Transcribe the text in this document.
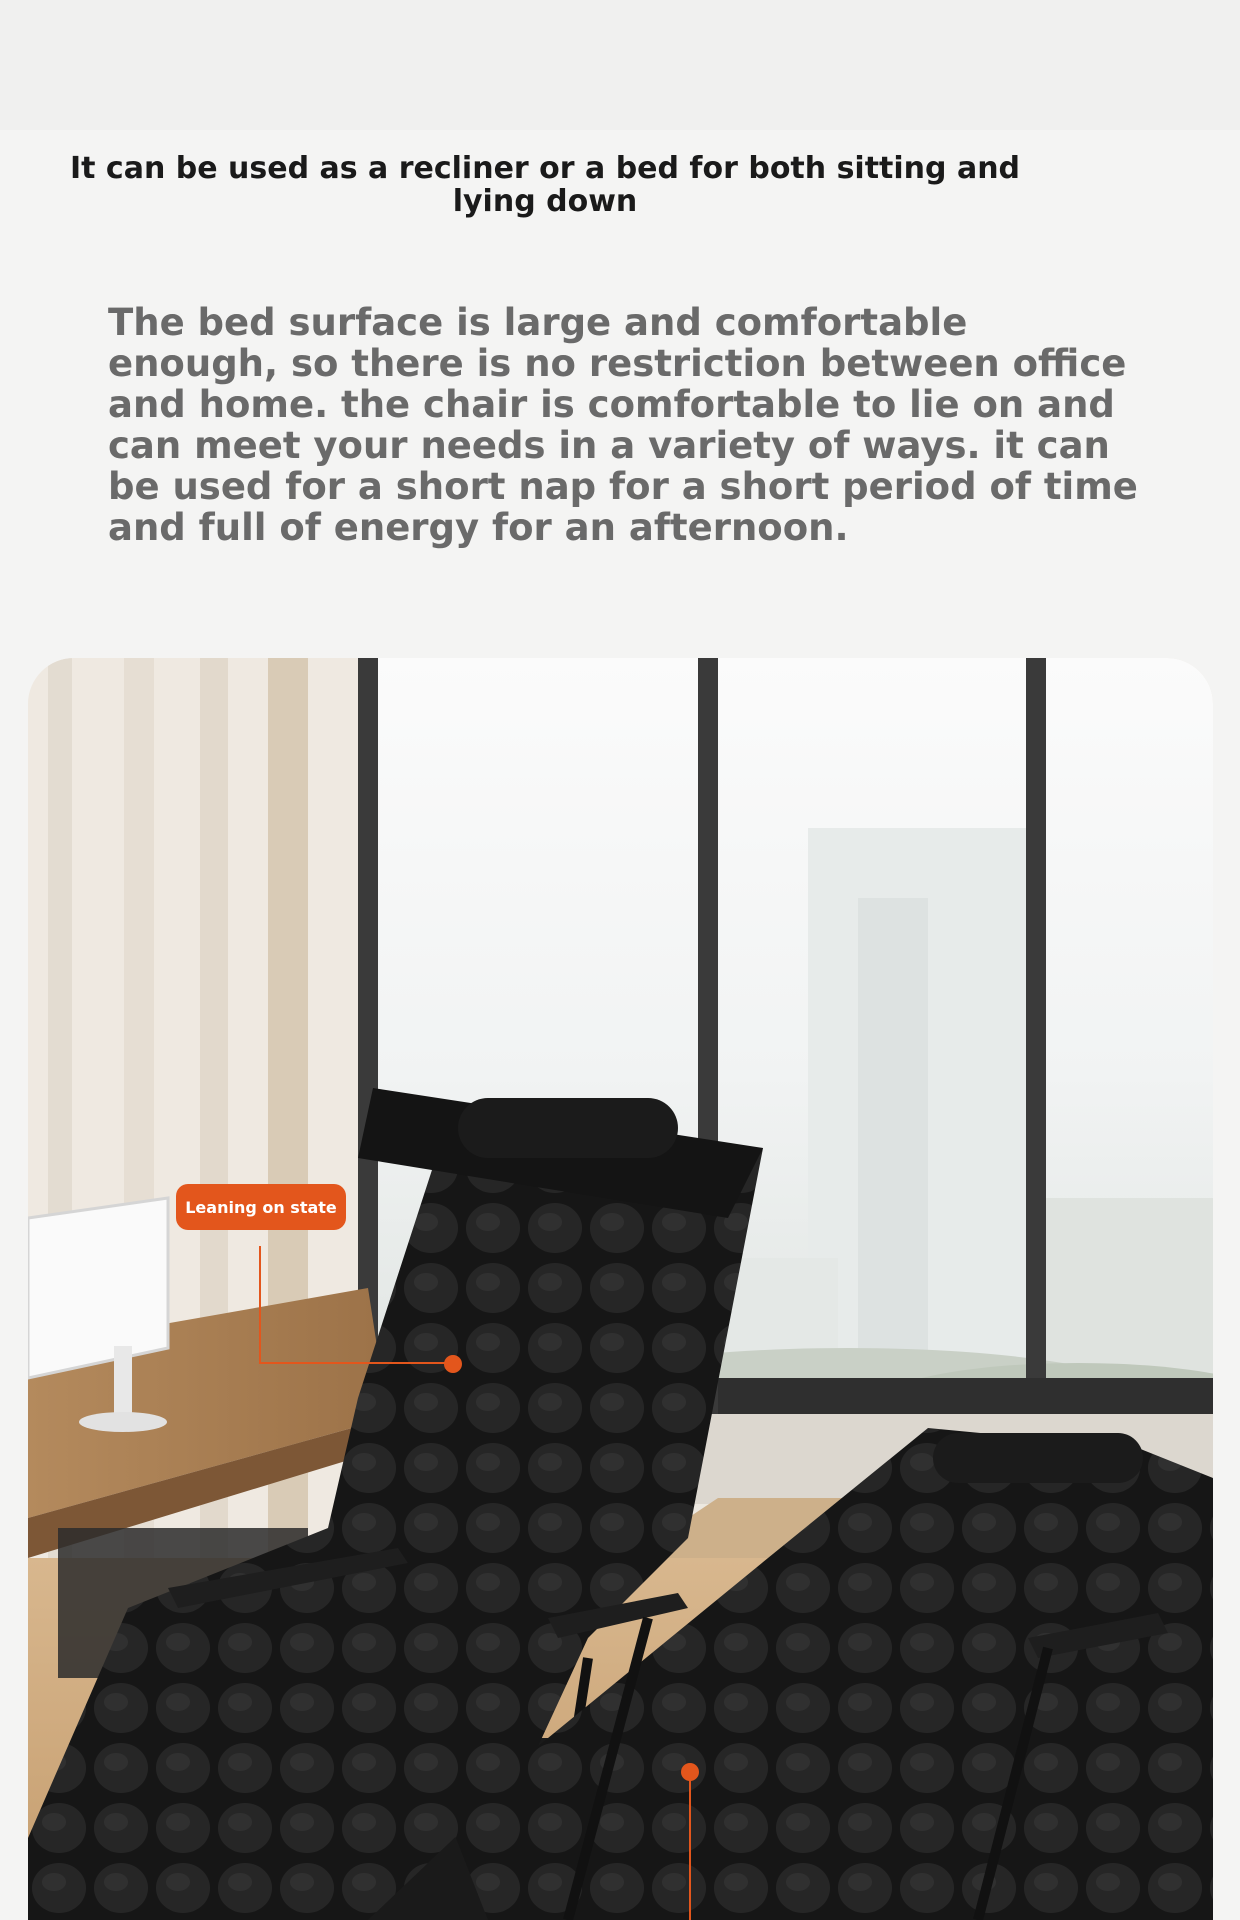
It can be used as a recliner or a bed for both sitting and lying down

The bed surface is large and comfortable enough, so there is no restriction between office and home. the chair is comfortable to lie on and can meet your needs in a variety of ways. it can be used for a short nap for a short period of time and full of energy for an afternoon.

Leaning on state
